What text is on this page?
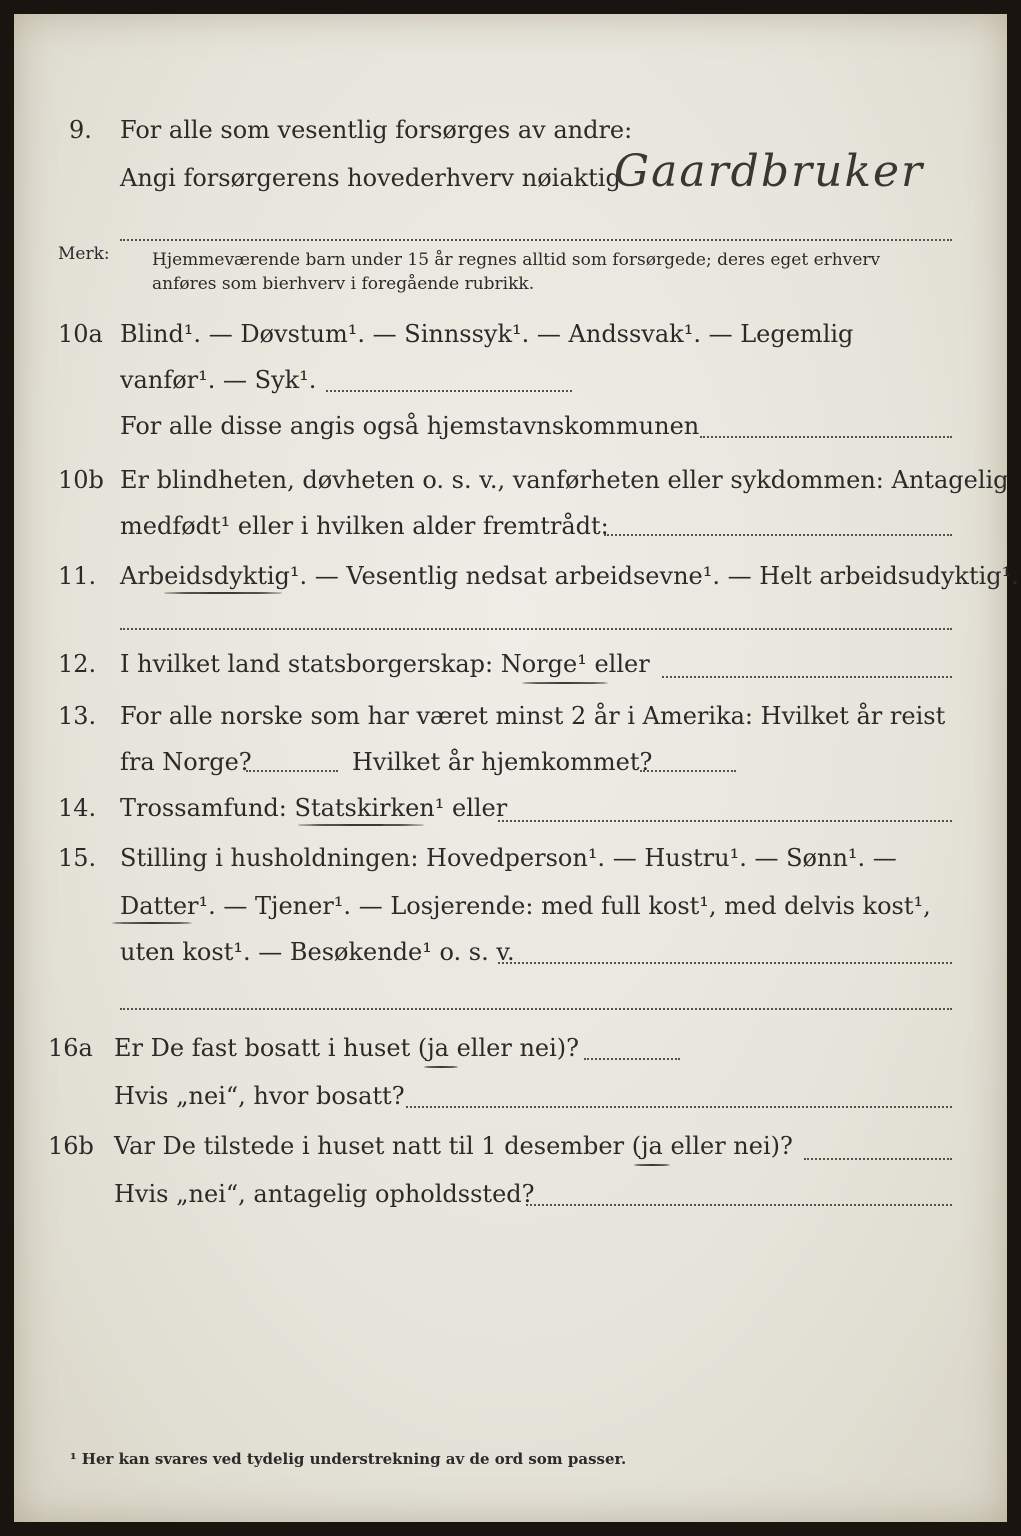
9. For alle som vesentlig forsørges av andre:
Angi forsørgerens hovederhverv nøiaktig
Gaardbruker
Merk: Hjemmeværende barn under 15 år regnes alltid som forsørgede; deres eget erhverv
anføres som bierhverv i foregående rubrikk.
10a Blind¹. — Døvstum¹. — Sinnssyk¹. — Andssvak¹. — Legemlig
vanfør¹. — Syk¹.
For alle disse angis også hjemstavnskommunen
10b Er blindheten, døvheten o. s. v., vanførheten eller sykdommen: Antagelig
medfødt¹ eller i hvilken alder fremtrådt:
11. Arbeidsdyktig¹. — Vesentlig nedsat arbeidsevne¹. — Helt arbeidsudyktig¹.
12. I hvilket land statsborgerskap: Norge¹ eller
13. For alle norske som har været minst 2 år i Amerika: Hvilket år reist
fra Norge?	Hvilket år hjemkommet?
14. Trossamfund: Statskirken¹ eller
15. Stilling i husholdningen: Hovedperson¹. — Hustru¹. — Sønn¹. —
Datter¹. — Tjener¹. — Losjerende: med full kost¹, med delvis kost¹,
uten kost¹. — Besøkende¹ o. s. v.
16a Er De fast bosatt i huset (ja eller nei)?
Hvis „nei“, hvor bosatt?
16b Var De tilstede i huset natt til 1 desember (ja eller nei)?
Hvis „nei“, antagelig opholdssted?
¹ Her kan svares ved tydelig understrekning av de ord som passer.
